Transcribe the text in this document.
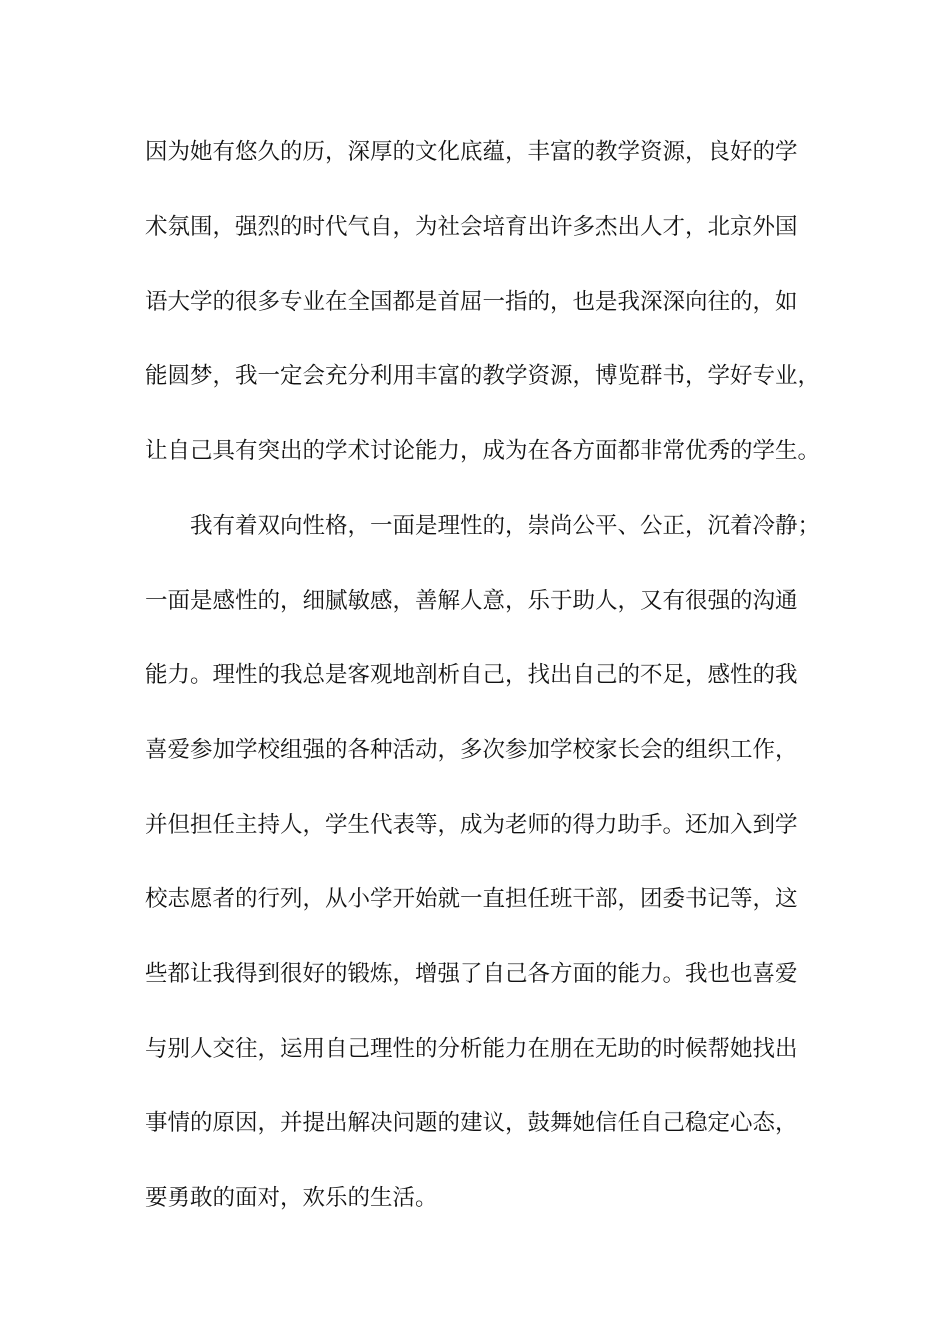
因为她有悠久的历，深厚的文化底蕴，丰富的教学资源，良好的学
术氛围，强烈的时代气自，为社会培育出许多杰出人才，北京外国
语大学的很多专业在全国都是首屈一指的，也是我深深向往的，如
能圆梦，我一定会充分利用丰富的教学资源，博览群书，学好专业，
让自己具有突出的学术讨论能力，成为在各方面都非常优秀的学生。
我有着双向性格，一面是理性的，崇尚公平、公正，沉着冷静；
一面是感性的，细腻敏感，善解人意，乐于助人，又有很强的沟通
能力。理性的我总是客观地剖析自己，找出自己的不足，感性的我
喜爱参加学校组强的各种活动，多次参加学校家长会的组织工作，
并但担任主持人，学生代表等，成为老师的得力助手。还加入到学
校志愿者的行列，从小学开始就一直担任班干部，团委书记等，这
些都让我得到很好的锻炼，增强了自己各方面的能力。我也也喜爱
与别人交往，运用自己理性的分析能力在朋在无助的时候帮她找出
事情的原因，并提出解决问题的建议，鼓舞她信任自己稳定心态，
要勇敢的面对，欢乐的生活。
